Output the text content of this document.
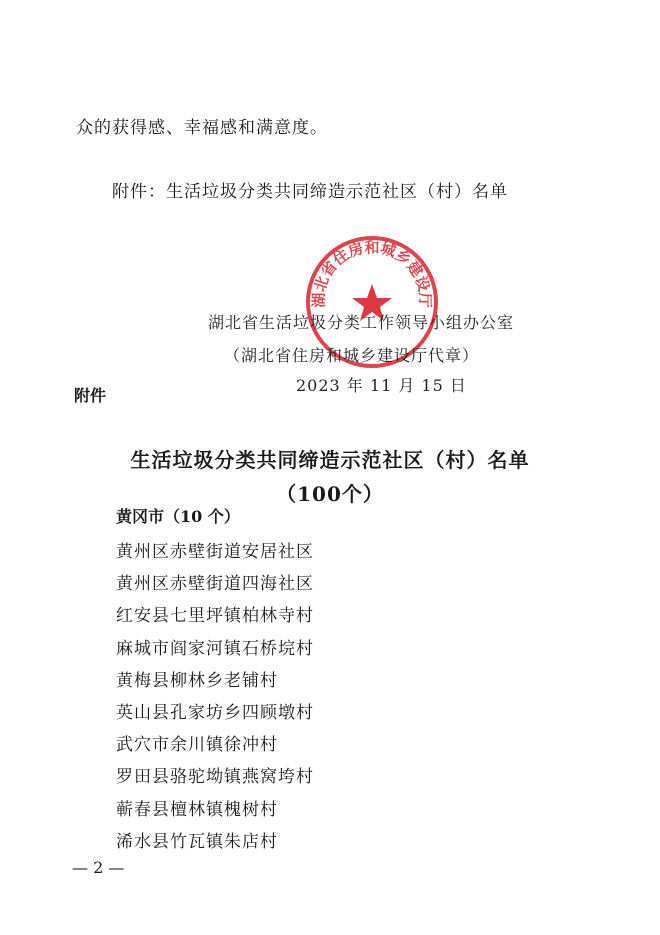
众的获得感、幸福感和满意度。
附件：生活垃圾分类共同缔造示范社区（村）名单
湖北省住房和城乡建设厅
湖北省生活垃圾分类工作领导小组办公室
（湖北省住房和城乡建设厅代章）
2023 年 11 月 15 日
附件
生活垃圾分类共同缔造示范社区（村）名单
（100个）
黄冈市（10 个）
黄州区赤壁街道安居社区
黄州区赤壁街道四海社区
红安县七里坪镇柏林寺村
麻城市阎家河镇石桥垸村
黄梅县柳林乡老铺村
英山县孔家坊乡四顾墩村
武穴市余川镇徐冲村
罗田县骆驼坳镇燕窝垮村
蕲春县檀林镇槐树村
浠水县竹瓦镇朱店村
— 2 —
